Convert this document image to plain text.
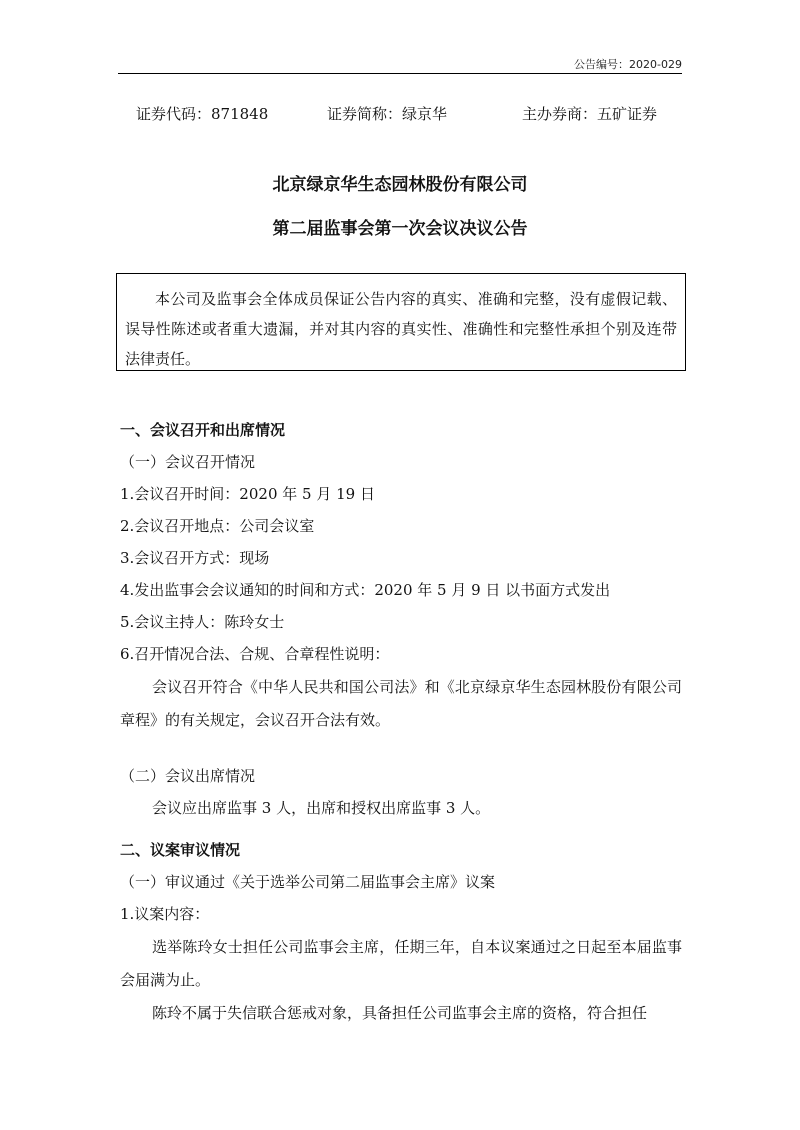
公告编号：2020-029
证券代码：871848	证券简称：绿京华	主办券商：五矿证券
北京绿京华生态园林股份有限公司
第二届监事会第一次会议决议公告
本公司及监事会全体成员保证公告内容的真实、准确和完整，没有虚假记载、误导性陈述或者重大遗漏，并对其内容的真实性、准确性和完整性承担个别及连带法律责任。
一、会议召开和出席情况
（一）会议召开情况
1.会议召开时间：2020 年 5 月 19 日
2.会议召开地点：公司会议室
3.会议召开方式：现场
4.发出监事会会议通知的时间和方式：2020 年 5 月 9 日 以书面方式发出
5.会议主持人：陈玲女士
6.召开情况合法、合规、合章程性说明：
会议召开符合《中华人民共和国公司法》和《北京绿京华生态园林股份有限公司章程》的有关规定，会议召开合法有效。
（二）会议出席情况
会议应出席监事 3 人，出席和授权出席监事 3 人。
二、议案审议情况
（一）审议通过《关于选举公司第二届监事会主席》议案
1.议案内容：
选举陈玲女士担任公司监事会主席，任期三年，自本议案通过之日起至本届监事会届满为止。
陈玲不属于失信联合惩戒对象，具备担任公司监事会主席的资格，符合担任
